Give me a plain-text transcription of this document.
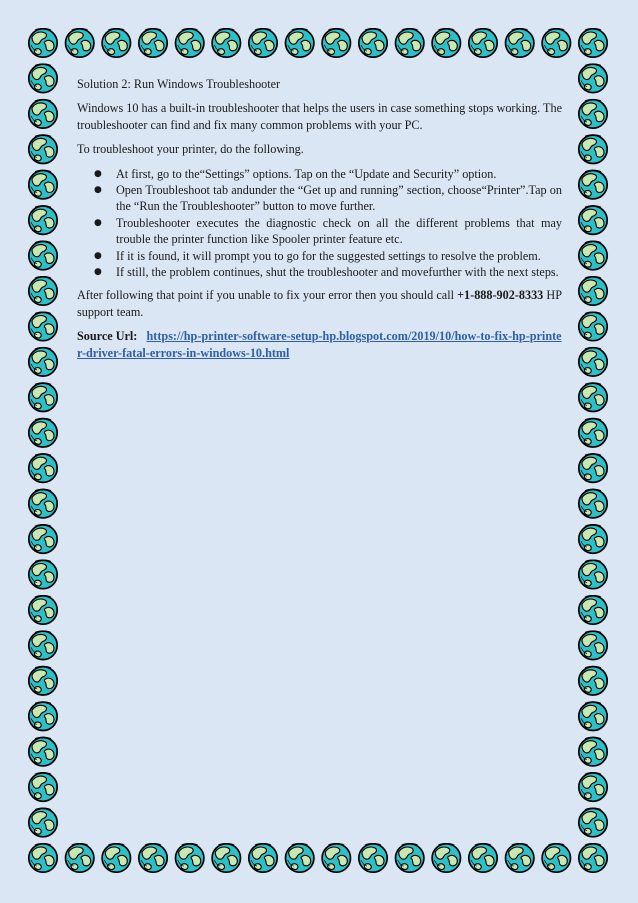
Solution 2: Run Windows Troubleshooter

Windows 10 has a built-in troubleshooter that helps the users in case something stops working. The troubleshooter can find and fix many common problems with your PC.

To troubleshoot your printer, do the following.

● At first, go to the“Settings” options. Tap on the “Update and Security” option.
● Open Troubleshoot tab andunder the “Get up and running” section, choose“Printer”.Tap on the “Run the Troubleshooter” button to move further.
● Troubleshooter executes the diagnostic check on all the different problems that may trouble the printer function like Spooler printer feature etc.
● If it is found, it will prompt you to go for the suggested settings to resolve the problem.
● If still, the problem continues, shut the troubleshooter and movefurther with the next steps.

After following that point if you unable to fix your error then you should call +1-888-902-8333 HP support team.

Source Url: https://hp-printer-software-setup-hp.blogspot.com/2019/10/how-to-fix-hp-printer-driver-fatal-errors-in-windows-10.html
